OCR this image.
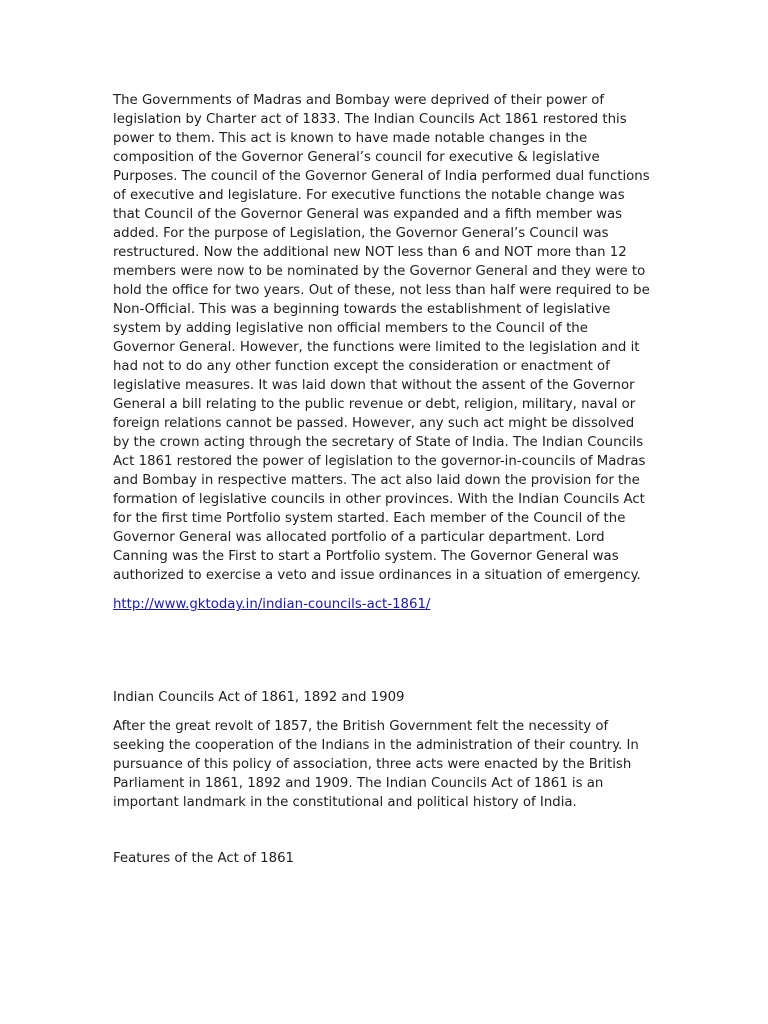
The Governments of Madras and Bombay were deprived of their power of legislation by Charter act of 1833. The Indian Councils Act 1861 restored this power to them. This act is known to have made notable changes in the composition of the Governor General’s council for executive & legislative Purposes. The council of the Governor General of India performed dual functions of executive and legislature. For executive functions the notable change was that Council of the Governor General was expanded and a fifth member was added. For the purpose of Legislation, the Governor General’s Council was restructured. Now the additional new NOT less than 6 and NOT more than 12 members were now to be nominated by the Governor General and they were to hold the office for two years. Out of these, not less than half were required to be Non-Official. This was a beginning towards the establishment of legislative system by adding legislative non official members to the Council of the Governor General. However, the functions were limited to the legislation and it had not to do any other function except the consideration or enactment of legislative measures. It was laid down that without the assent of the Governor General a bill relating to the public revenue or debt, religion, military, naval or foreign relations cannot be passed. However, any such act might be dissolved by the crown acting through the secretary of State of India. The Indian Councils Act 1861 restored the power of legislation to the governor-in-councils of Madras and Bombay in respective matters. The act also laid down the provision for the formation of legislative councils in other provinces. With the Indian Councils Act for the first time Portfolio system started. Each member of the Council of the Governor General was allocated portfolio of a particular department. Lord Canning was the First to start a Portfolio system. The Governor General was authorized to exercise a veto and issue ordinances in a situation of emergency.

http://www.gktoday.in/indian-councils-act-1861/

Indian Councils Act of 1861, 1892 and 1909

After the great revolt of 1857, the British Government felt the necessity of seeking the cooperation of the Indians in the administration of their country. In pursuance of this policy of association, three acts were enacted by the British Parliament in 1861, 1892 and 1909. The Indian Councils Act of 1861 is an important landmark in the constitutional and political history of India.

Features of the Act of 1861
